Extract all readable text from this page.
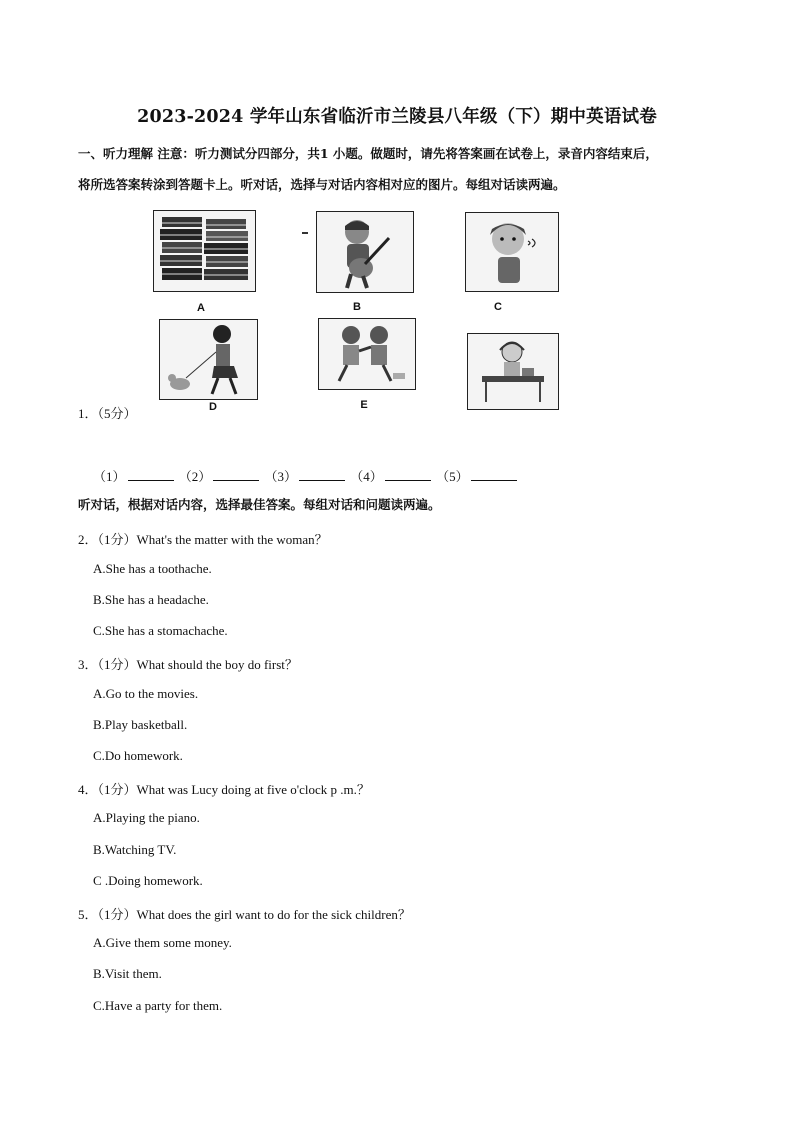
2023-2024 学年山东省临沂市兰陵县八年级（下）期中英语试卷
一、听力理解 注意：听力测试分四部分，共1 小题。做题时，请先将答案画在试卷上，录音内容结束后，
将所选答案转涂到答题卡上。听对话，选择与对话内容相对应的图片。每组对话读两遍。
A	B	C
D	E
1．（5分）
（1）	（2）	（3）	（4）	（5）
听对话，根据对话内容，选择最佳答案。每组对话和问题读两遍。
2．（1分）What's the matter with the woman？
A.She has a toothache.
B.She has a headache.
C.She has a stomachache.
3．（1分）What should the boy do first？
A.Go to the movies.
B.Play basketball.
C.Do homework.
4．（1分）What was Lucy doing at five o'clock p .m.？
A.Playing the piano.
B.Watching TV.
C .Doing homework.
5．（1分）What does the girl want to do for the sick children？
A.Give them some money.
B.Visit them.
C.Have a party for them.
